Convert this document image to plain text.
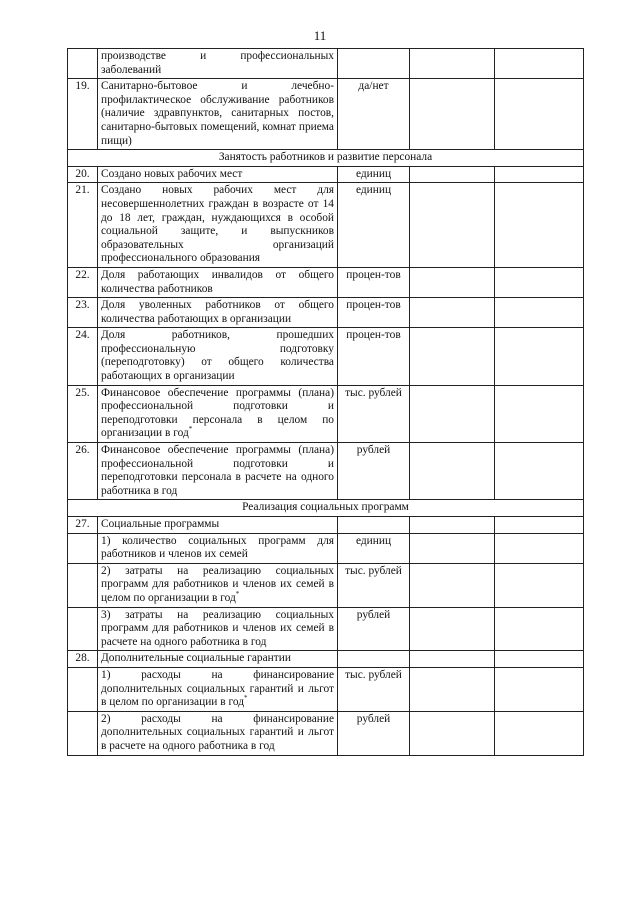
11
	производстве и профессиональных заболеваний			
19.	Санитарно-бытовое и лечебно-профилактическое обслуживание работников (наличие здравпунктов, санитарных постов, санитарно-бытовых помещений, комнат приема пищи)	да/нет		
Занятость работников и развитие персонала				
20.	Создано новых рабочих мест	единиц		
21.	Создано новых рабочих мест для несовершеннолетних граждан в возрасте от 14 до 18 лет, граждан, нуждающихся в особой социальной защите, и выпускников образовательных организаций профессионального образования	единиц		
22.	Доля работающих инвалидов от общего количества работников	процен-тов		
23.	Доля уволенных работников от общего количества работающих в организации	процен-тов		
24.	Доля работников, прошедших профессиональную подготовку (переподготовку) от общего количества работающих в организации	процен-тов		
25.	Финансовое обеспечение программы (плана) профессиональной подготовки и переподготовки персонала в целом по организации в год*	тыс. рублей		
26.	Финансовое обеспечение программы (плана) профессиональной подготовки и переподготовки персонала в расчете на одного работника в год	рублей		
Реализация социальных программ				
27.	Социальные программы			
	1) количество социальных программ для работников и членов их семей	единиц		
	2) затраты на реализацию социальных программ для работников и членов их семей в целом по организации в год*	тыс. рублей		
	3) затраты на реализацию социальных программ для работников и членов их семей в расчете на одного работника в год	рублей		
28.	Дополнительные социальные гарантии			
	1) расходы на финансирование дополнительных социальных гарантий и льгот в целом по организации в год*	тыс. рублей		
	2) расходы на финансирование дополнительных социальных гарантий и льгот в расчете на одного работника в год	рублей		
